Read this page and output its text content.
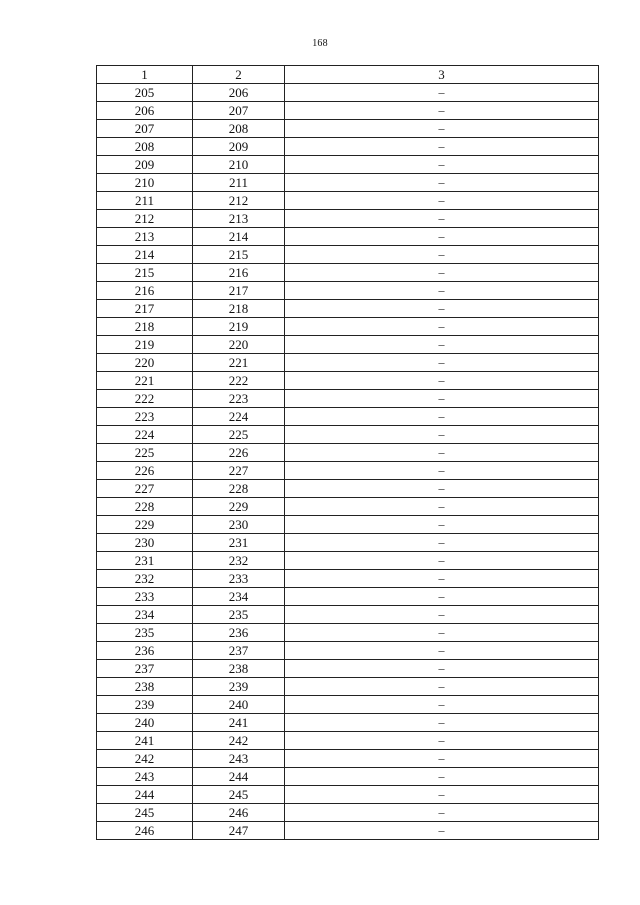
168
1	2	3
205	206	–
206	207	–
207	208	–
208	209	–
209	210	–
210	211	–
211	212	–
212	213	–
213	214	–
214	215	–
215	216	–
216	217	–
217	218	–
218	219	–
219	220	–
220	221	–
221	222	–
222	223	–
223	224	–
224	225	–
225	226	–
226	227	–
227	228	–
228	229	–
229	230	–
230	231	–
231	232	–
232	233	–
233	234	–
234	235	–
235	236	–
236	237	–
237	238	–
238	239	–
239	240	–
240	241	–
241	242	–
242	243	–
243	244	–
244	245	–
245	246	–
246	247	–
